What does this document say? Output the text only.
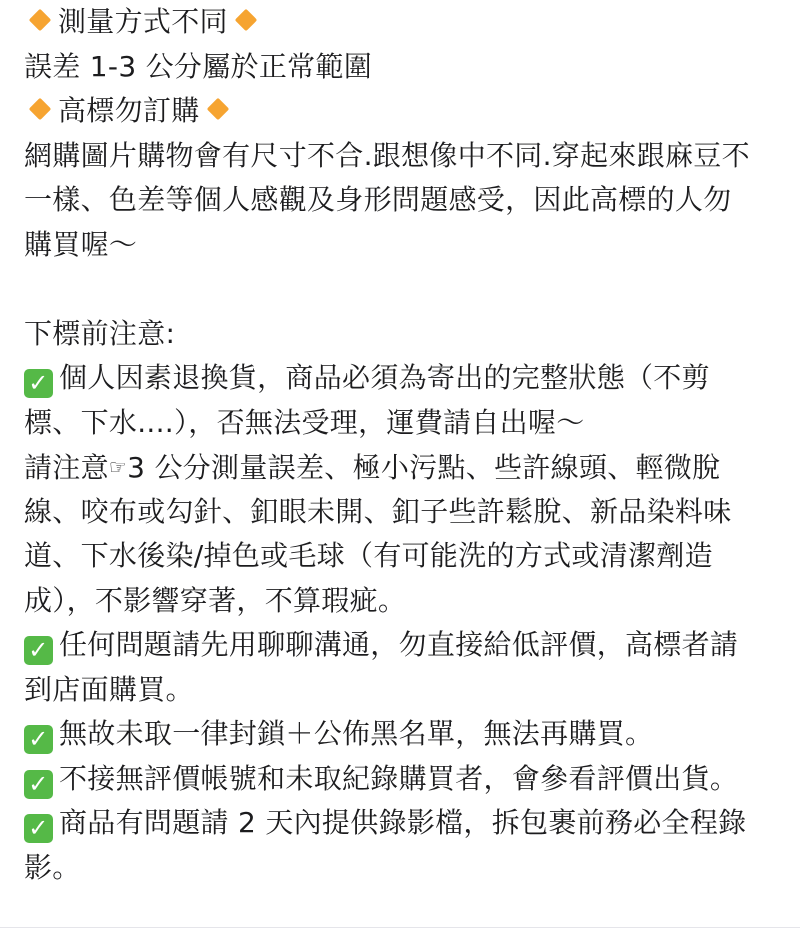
測量方式不同
誤差 1-3 公分屬於正常範圍
高標勿訂購
網購圖片購物會有尺寸不合.跟想像中不同.穿起來跟麻豆不
一樣、色差等個人感觀及身形問題感受，因此高標的人勿
購買喔～
下標前注意:
✓ 個人因素退換貨，商品必須為寄出的完整狀態（不剪
標、下水....），否無法受理，運費請自出喔～
請注意☞3 公分測量誤差、極小污點、些許線頭、輕微脫
線、咬布或勾針、釦眼未開、釦子些許鬆脫、新品染料味
道、下水後染/掉色或毛球（有可能洗的方式或清潔劑造
成），不影響穿著，不算瑕疵。
✓ 任何問題請先用聊聊溝通，勿直接給低評價，高標者請
到店面購買。
✓ 無故未取一律封鎖＋公佈黑名單，無法再購買。
✓ 不接無評價帳號和未取紀錄購買者，會參看評價出貨。
✓ 商品有問題請 2 天內提供錄影檔，拆包裹前務必全程錄
影。
